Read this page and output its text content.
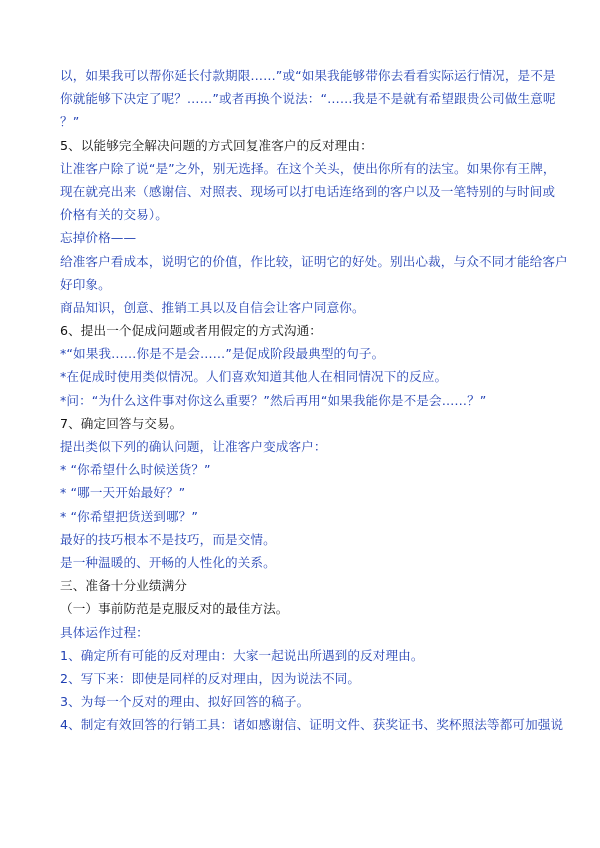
以，如果我可以帮你延长付款期限……”或“如果我能够带你去看看实际运行情况，是不是
你就能够下决定了呢？……”或者再换个说法：“……我是不是就有希望跟贵公司做生意呢
？”
5、以能够完全解决问题的方式回复准客户的反对理由：
让准客户除了说“是”之外，别无选择。在这个关头，使出你所有的法宝。如果你有王牌，
现在就亮出来（感谢信、对照表、现场可以打电话连络到的客户以及一笔特别的与时间或
价格有关的交易）。
忘掉价格——
给准客户看成本，说明它的价值，作比较，证明它的好处。别出心裁，与众不同才能给客户
好印象。
商品知识，创意、推销工具以及自信会让客户同意你。
6、提出一个促成问题或者用假定的方式沟通：
*“如果我……你是不是会……”是促成阶段最典型的句子。
*在促成时使用类似情况。人们喜欢知道其他人在相同情况下的反应。
*问：“为什么这件事对你这么重要？”然后再用“如果我能你是不是会……？”
7、确定回答与交易。
提出类似下列的确认问题，让准客户变成客户：
* “你希望什么时候送货？”
* “哪一天开始最好？”
* “你希望把货送到哪？”
最好的技巧根本不是技巧，而是交情。
是一种温暖的、开畅的人性化的关系。
三、准备十分业绩满分
（一）事前防范是克服反对的最佳方法。
具体运作过程：
1、确定所有可能的反对理由：大家一起说出所遇到的反对理由。
2、写下来：即使是同样的反对理由，因为说法不同。
3、为每一个反对的理由、拟好回答的稿子。
4、制定有效回答的行销工具：诸如感谢信、证明文件、获奖证书、奖杯照法等都可加强说
